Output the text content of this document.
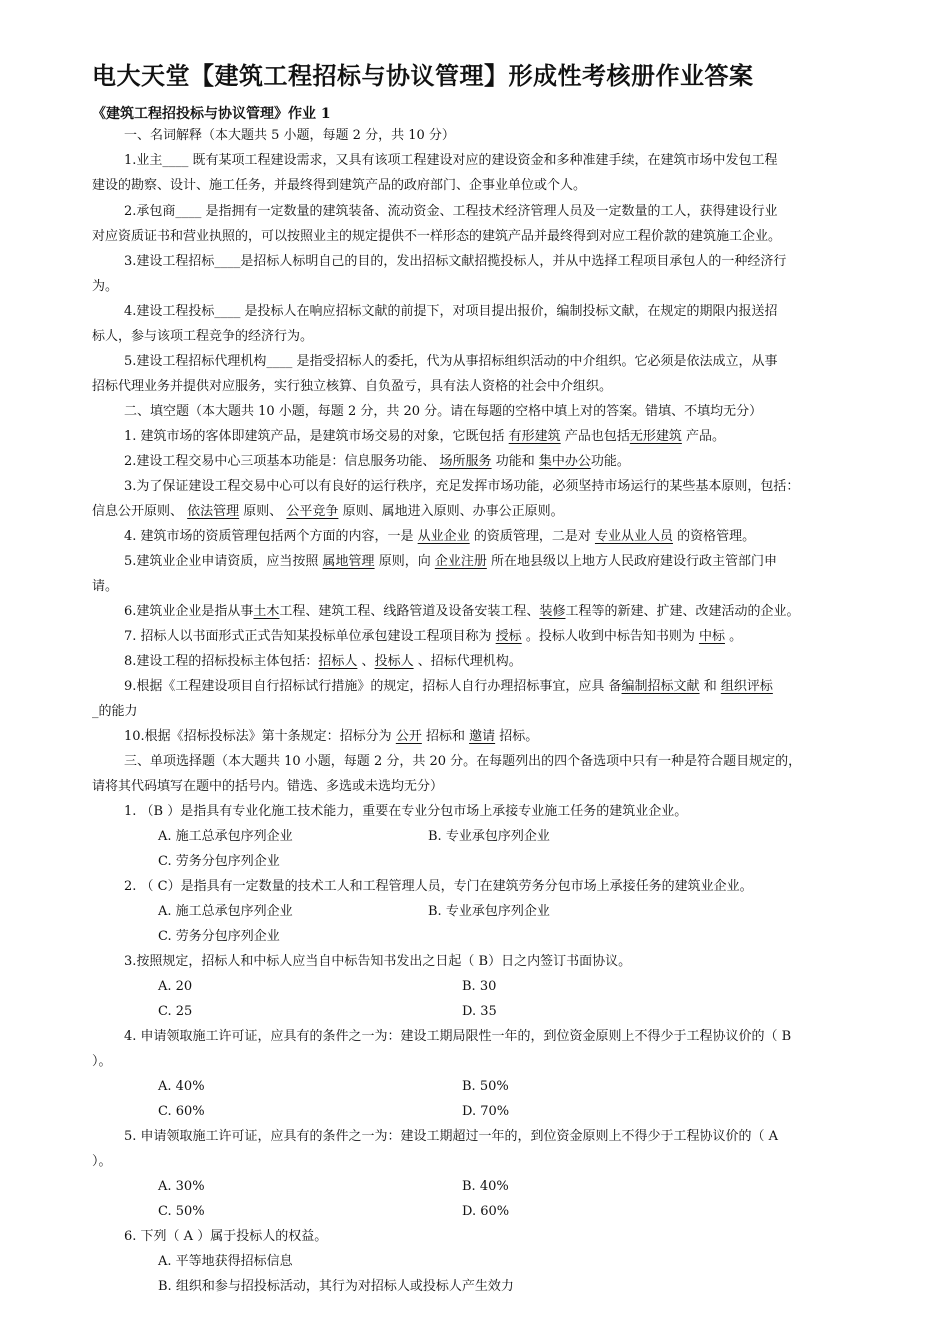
电大天堂【建筑工程招标与协议管理】形成性考核册作业答案
《建筑工程招投标与协议管理》作业 1
一、名词解释（本大题共 5 小题，每题 2 分，共 10 分）
1.业主____ 既有某项工程建设需求，又具有该项工程建设对应的建设资金和多种准建手续，在建筑市场中发包工程
建设的勘察、设计、施工任务，并最终得到建筑产品的政府部门、企事业单位或个人。
2.承包商____ 是指拥有一定数量的建筑装备、流动资金、工程技术经济管理人员及一定数量的工人，获得建设行业
对应资质证书和营业执照的，可以按照业主的规定提供不一样形态的建筑产品并最终得到对应工程价款的建筑施工企业。
3.建设工程招标____是招标人标明自己的目的，发出招标文献招揽投标人，并从中选择工程项目承包人的一种经济行
为。
4.建设工程投标____ 是投标人在响应招标文献的前提下，对项目提出报价，编制投标文献，在规定的期限内报送招
标人，参与该项工程竞争的经济行为。
5.建设工程招标代理机构____ 是指受招标人的委托，代为从事招标组织活动的中介组织。它必须是依法成立，从事
招标代理业务并提供对应服务，实行独立核算、自负盈亏，具有法人资格的社会中介组织。
二、填空题（本大题共 10 小题，每题 2 分，共 20 分。请在每题的空格中填上对的答案。错填、不填均无分）
1. 建筑市场的客体即建筑产品，是建筑市场交易的对象，它既包括 有形建筑 产品也包括无形建筑 产品。
2.建设工程交易中心三项基本功能是：信息服务功能、 场所服务 功能和 集中办公功能。
3.为了保证建设工程交易中心可以有良好的运行秩序，充足发挥市场功能，必须坚持市场运行的某些基本原则，包括：
信息公开原则、 依法管理 原则、 公平竞争 原则、属地进入原则、办事公正原则。
4. 建筑市场的资质管理包括两个方面的内容，一是 从业企业 的资质管理，二是对 专业从业人员 的资格管理。
5.建筑业企业申请资质，应当按照 属地管理 原则，向 企业注册 所在地县级以上地方人民政府建设行政主管部门申
请。
6.建筑业企业是指从事土木工程、建筑工程、线路管道及设备安装工程、装修工程等的新建、扩建、改建活动的企业。
7. 招标人以书面形式正式告知某投标单位承包建设工程项目称为 授标 。投标人收到中标告知书则为 中标 。
8.建设工程的招标投标主体包括：招标人 、投标人 、招标代理机构。
9.根据《工程建设项目自行招标试行措施》的规定，招标人自行办理招标事宜，应具 备编制招标文献 和 组织评标
_的能力
10.根据《招标投标法》第十条规定：招标分为 公开 招标和 邀请 招标。
三、单项选择题（本大题共 10 小题，每题 2 分，共 20 分。在每题列出的四个备选项中只有一种是符合题目规定的，
请将其代码填写在题中的括号内。错选、多选或未选均无分）
1. （B ）是指具有专业化施工技术能力，重要在专业分包市场上承接专业施工任务的建筑业企业。
A. 施工总承包序列企业	B. 专业承包序列企业
C. 劳务分包序列企业
2. （ C）是指具有一定数量的技术工人和工程管理人员，专门在建筑劳务分包市场上承接任务的建筑业企业。
A. 施工总承包序列企业	B. 专业承包序列企业
C. 劳务分包序列企业
3.按照规定，招标人和中标人应当自中标告知书发出之日起（ B）日之内签订书面协议。
A. 20	B. 30
C. 25	D. 35
4. 申请领取施工许可证，应具有的条件之一为：建设工期局限性一年的，到位资金原则上不得少于工程协议价的（ B
）。
A. 40%	B. 50%
C. 60%	D. 70%
5. 申请领取施工许可证，应具有的条件之一为：建设工期超过一年的，到位资金原则上不得少于工程协议价的（ A
）。
A. 30%	B. 40%
C. 50%	D. 60%
6. 下列（ A ）属于投标人的权益。
A. 平等地获得招标信息
B. 组织和参与招投标活动，其行为对招标人或投标人产生效力
